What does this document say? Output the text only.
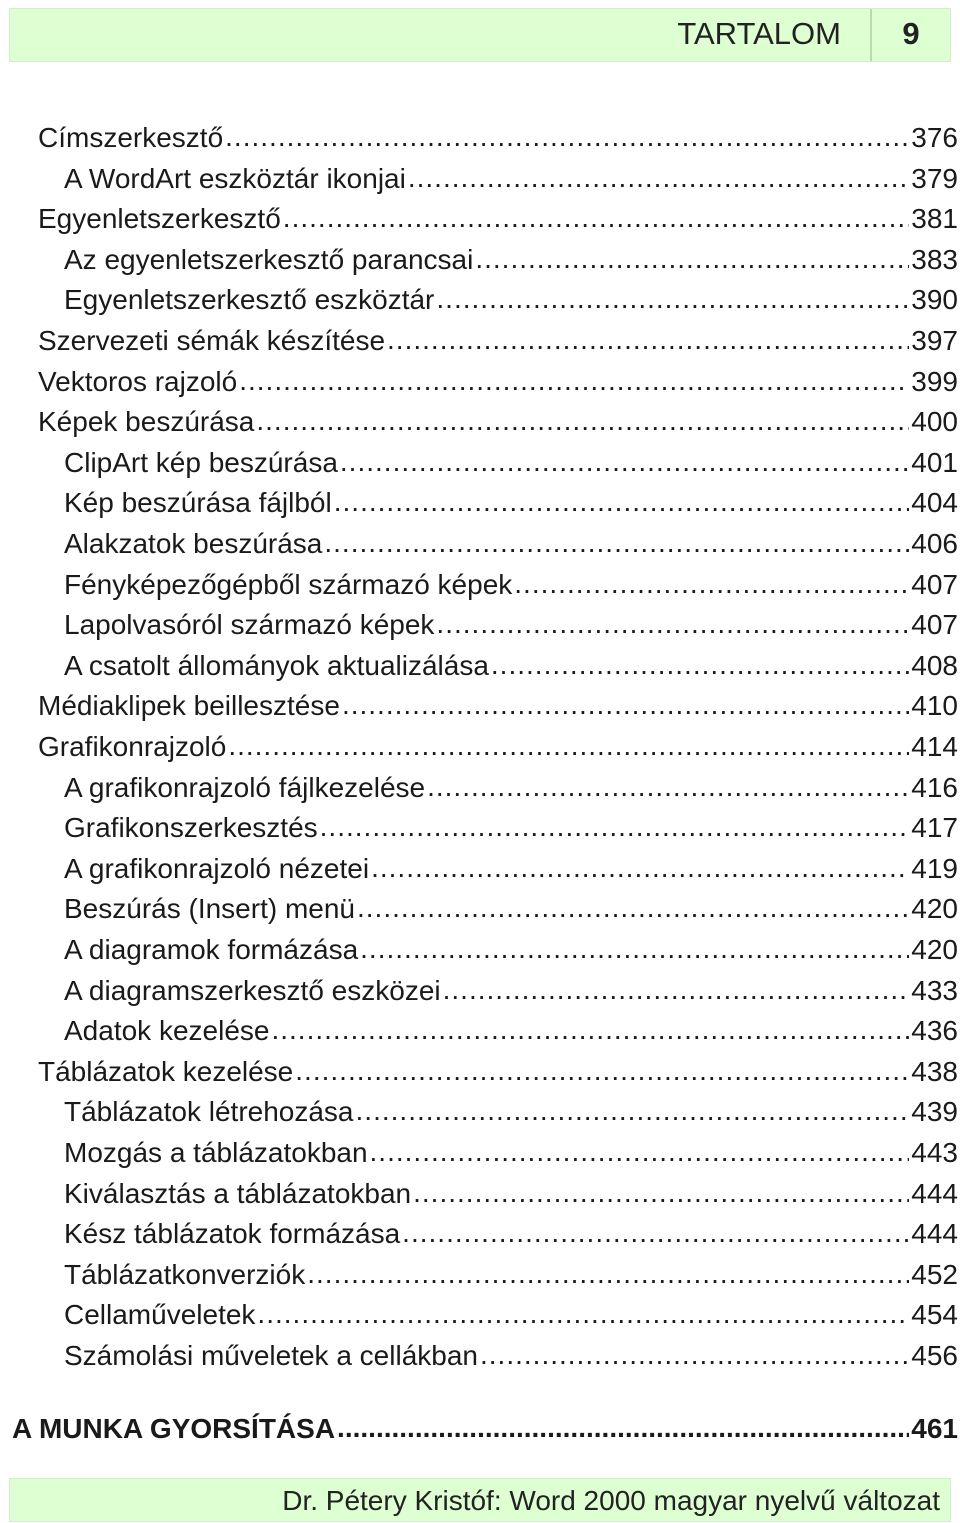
TARTALOM	9
Címszerkesztő .....	376
A WordArt eszköztár ikonjai .....	379
Egyenletszerkesztő .....	381
Az egyenletszerkesztő parancsai .....	383
Egyenletszerkesztő eszköztár .....	390
Szervezeti sémák készítése .....	397
Vektoros rajzoló .....	399
Képek beszúrása .....	400
ClipArt kép beszúrása .....	401
Kép beszúrása fájlból .....	404
Alakzatok beszúrása .....	406
Fényképezőgépből származó képek .....	407
Lapolvasóról származó képek .....	407
A csatolt állományok aktualizálása .....	408
Médiaklipek beillesztése .....	410
Grafikonrajzoló .....	414
A grafikonrajzoló fájlkezelése .....	416
Grafikonszerkesztés .....	417
A grafikonrajzoló nézetei .....	419
Beszúrás (Insert) menü .....	420
A diagramok formázása .....	420
A diagramszerkesztő eszközei .....	433
Adatok kezelése .....	436
Táblázatok kezelése .....	438
Táblázatok létrehozása .....	439
Mozgás a táblázatokban .....	443
Kiválasztás a táblázatokban .....	444
Kész táblázatok formázása .....	444
Táblázatkonverziók .....	452
Cellaműveletek .....	454
Számolási műveletek a cellákban .....	456
A MUNKA GYORSÍTÁSA .....	461
Dr. Pétery Kristóf: Word 2000 magyar nyelvű változat
